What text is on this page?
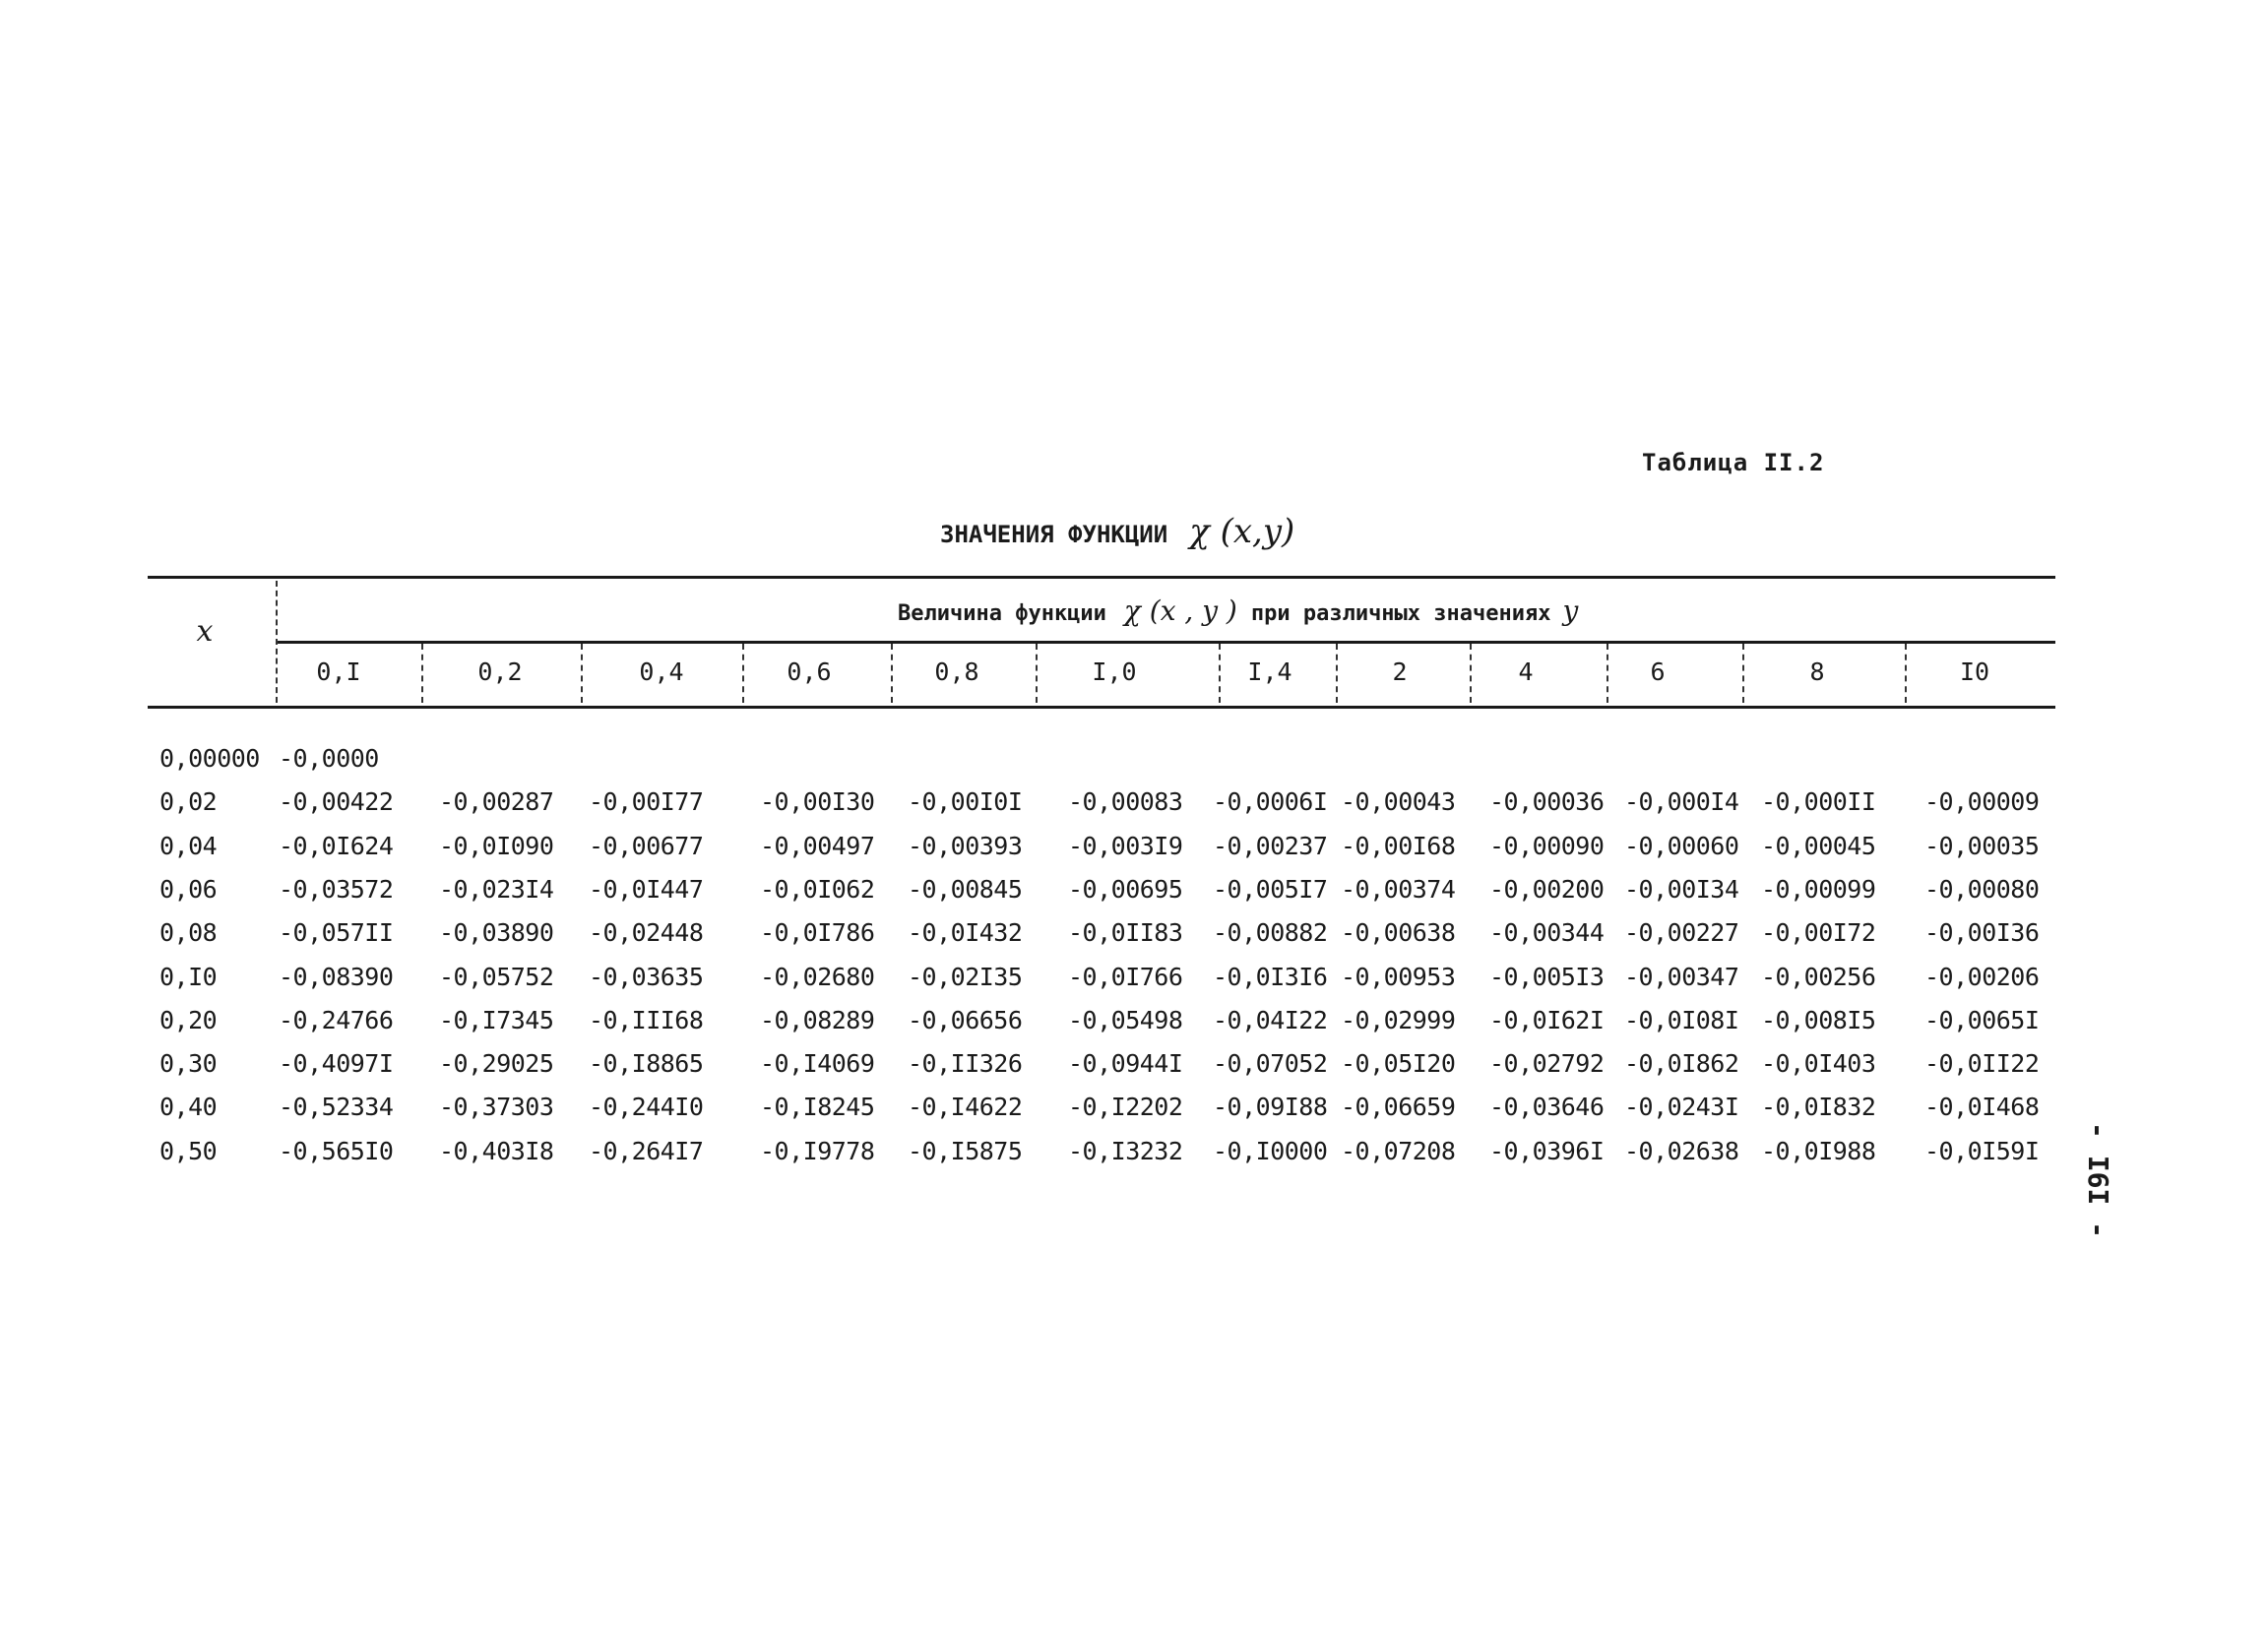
Таблица II.2
ЗНАЧЕНИЯ ФУНКЦИИ χ (x,y)
x
Величина функции χ (x , y ) при различных значениях y
0,I	0,2	0,4	0,6	0,8	I,0	I,4	2	4	6	8	I0
0,00000 -0,0000
0,02	-0,00422 -0,00287 -0,00I77 -0,00I30 -0,00I0I -0,00083 -0,0006I -0,00043 -0,00036 -0,000I4 -0,000II -0,00009
0,04	-0,0I624 -0,0I090 -0,00677 -0,00497 -0,00393 -0,003I9 -0,00237 -0,00I68 -0,00090 -0,00060 -0,00045 -0,00035
0,06	-0,03572 -0,023I4 -0,0I447 -0,0I062 -0,00845 -0,00695 -0,005I7 -0,00374 -0,00200 -0,00I34 -0,00099 -0,00080
0,08	-0,057II -0,03890 -0,02448 -0,0I786 -0,0I432 -0,0II83 -0,00882 -0,00638 -0,00344 -0,00227 -0,00I72 -0,00I36
0,I0	-0,08390 -0,05752 -0,03635 -0,02680 -0,02I35 -0,0I766 -0,0I3I6 -0,00953 -0,005I3 -0,00347 -0,00256 -0,00206
0,20	-0,24766 -0,I7345 -0,III68 -0,08289 -0,06656 -0,05498 -0,04I22 -0,02999 -0,0I62I -0,0I08I -0,008I5 -0,0065I
0,30	-0,4097I -0,29025 -0,I8865 -0,I4069 -0,II326 -0,0944I -0,07052 -0,05I20 -0,02792 -0,0I862 -0,0I403 -0,0II22
0,40	-0,52334 -0,37303 -0,244I0 -0,I8245 -0,I4622 -0,I2202 -0,09I88 -0,06659 -0,03646 -0,0243I -0,0I832 -0,0I468
0,50	-0,565I0 -0,403I8 -0,264I7 -0,I9778 -0,I5875 -0,I3232 -0,I0000 -0,07208 -0,0396I -0,02638 -0,0I988 -0,0I59I - I6I -
